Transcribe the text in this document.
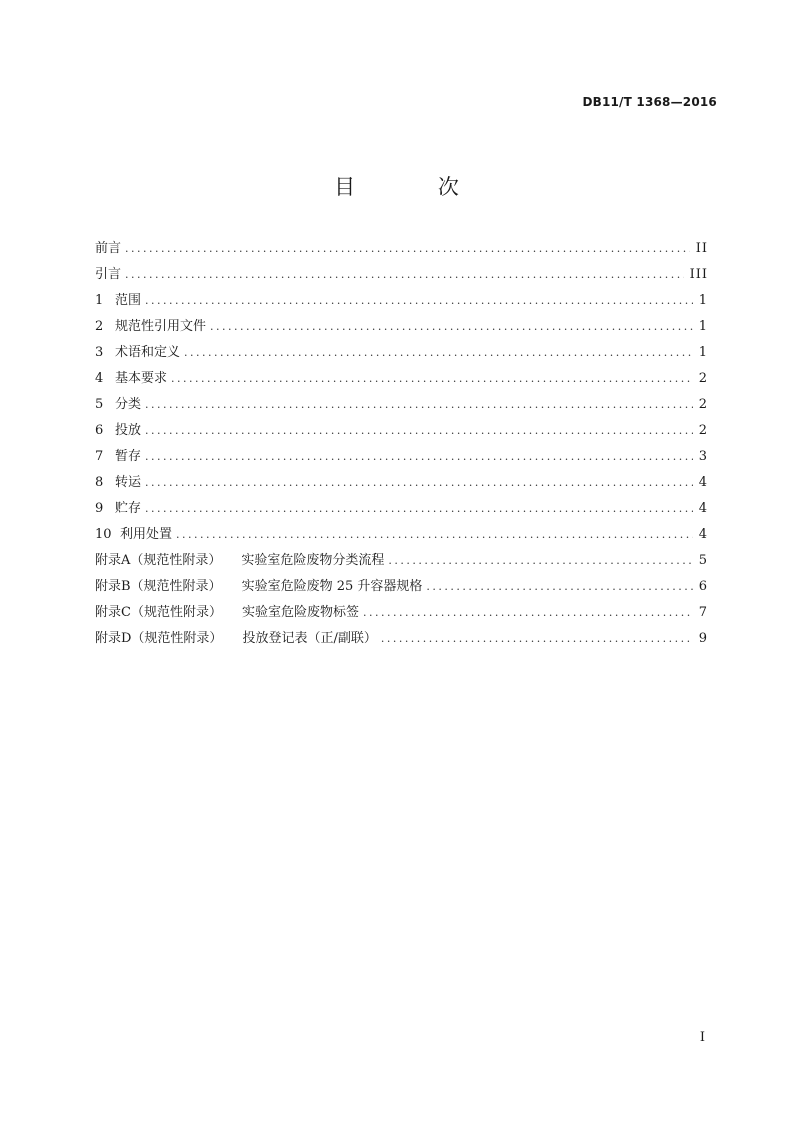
DB11/T 1368—2016
目 次
前言 .....	II
引言 .....	III
1 范围 .....	1
2 规范性引用文件 .....	1
3 术语和定义 .....	1
4 基本要求 .....	2
5 分类 .....	2
6 投放 .....	2
7 暂存 .....	3
8 转运 .....	4
9 贮存 .....	4
10 利用处置 .....	4
附录A（规范性附录） 实验室危险废物分类流程 .....	5
附录B（规范性附录） 实验室危险废物 25 升容器规格 .....	6
附录C（规范性附录） 实验室危险废物标签 .....	7
附录D（规范性附录） 投放登记表（正/副联） .....	9
I
